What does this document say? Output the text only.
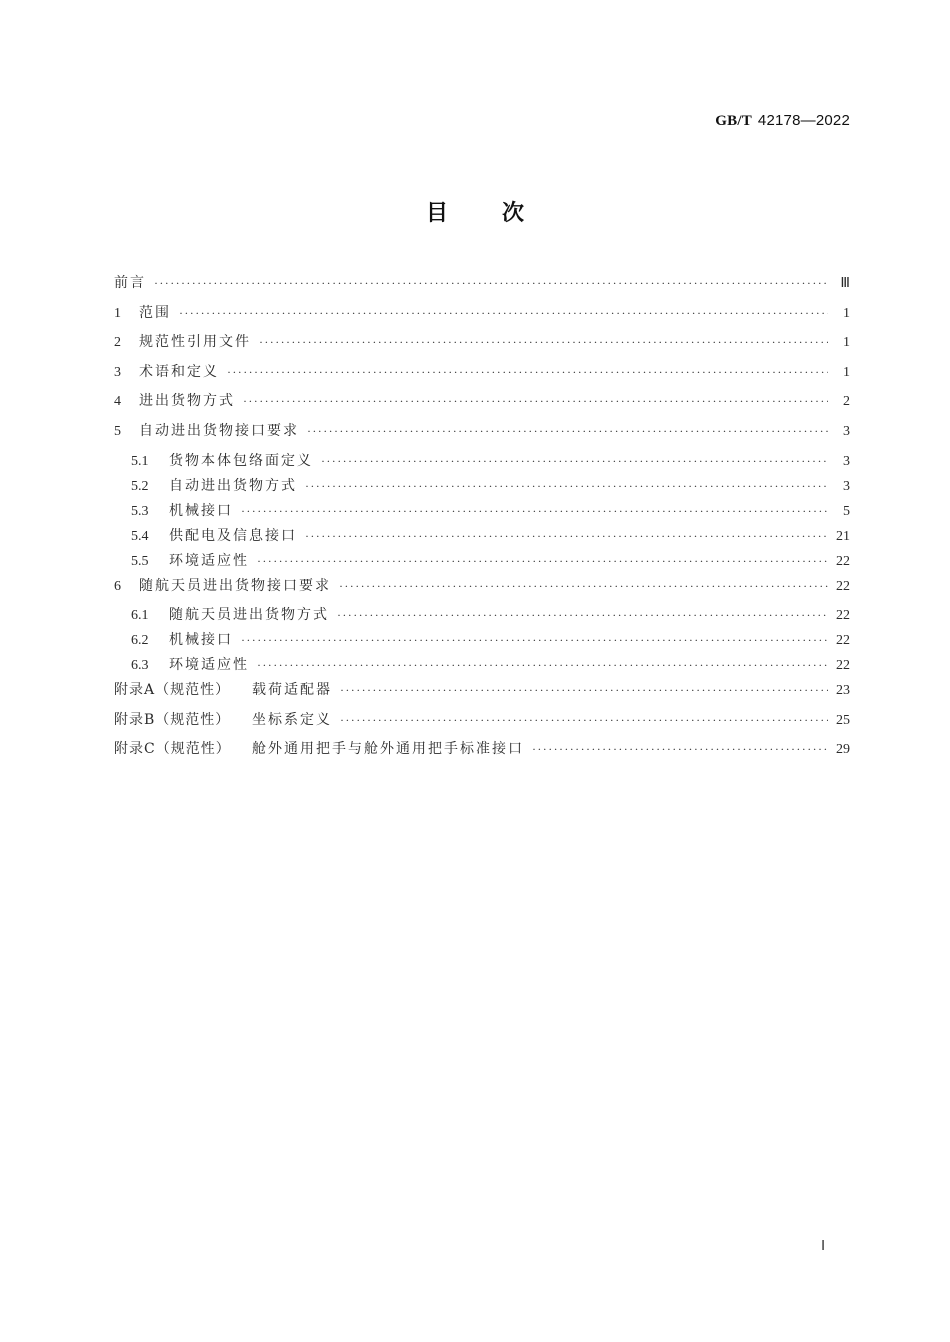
GB/T 42178—2022
目次
前言 ·····	Ⅲ
1	范围 ·····	1
2	规范性引用文件 ·····	1
3	术语和定义 ·····	1
4	进出货物方式 ·····	2
5	自动进出货物接口要求 ·····	3
5.1	货物本体包络面定义 ·····	3
5.2	自动进出货物方式 ·····	3
5.3	机械接口 ·····	5
5.4	供配电及信息接口 ·····	21
5.5	环境适应性 ·····	22
6	随航天员进出货物接口要求 ·····	22
6.1	随航天员进出货物方式 ·····	22
6.2	机械接口 ·····	22
6.3	环境适应性 ·····	22
附录A（规范性）	载荷适配器 ·····	23
附录B（规范性）	坐标系定义 ·····	25
附录C（规范性）	舱外通用把手与舱外通用把手标准接口 ·····	29
Ⅰ
